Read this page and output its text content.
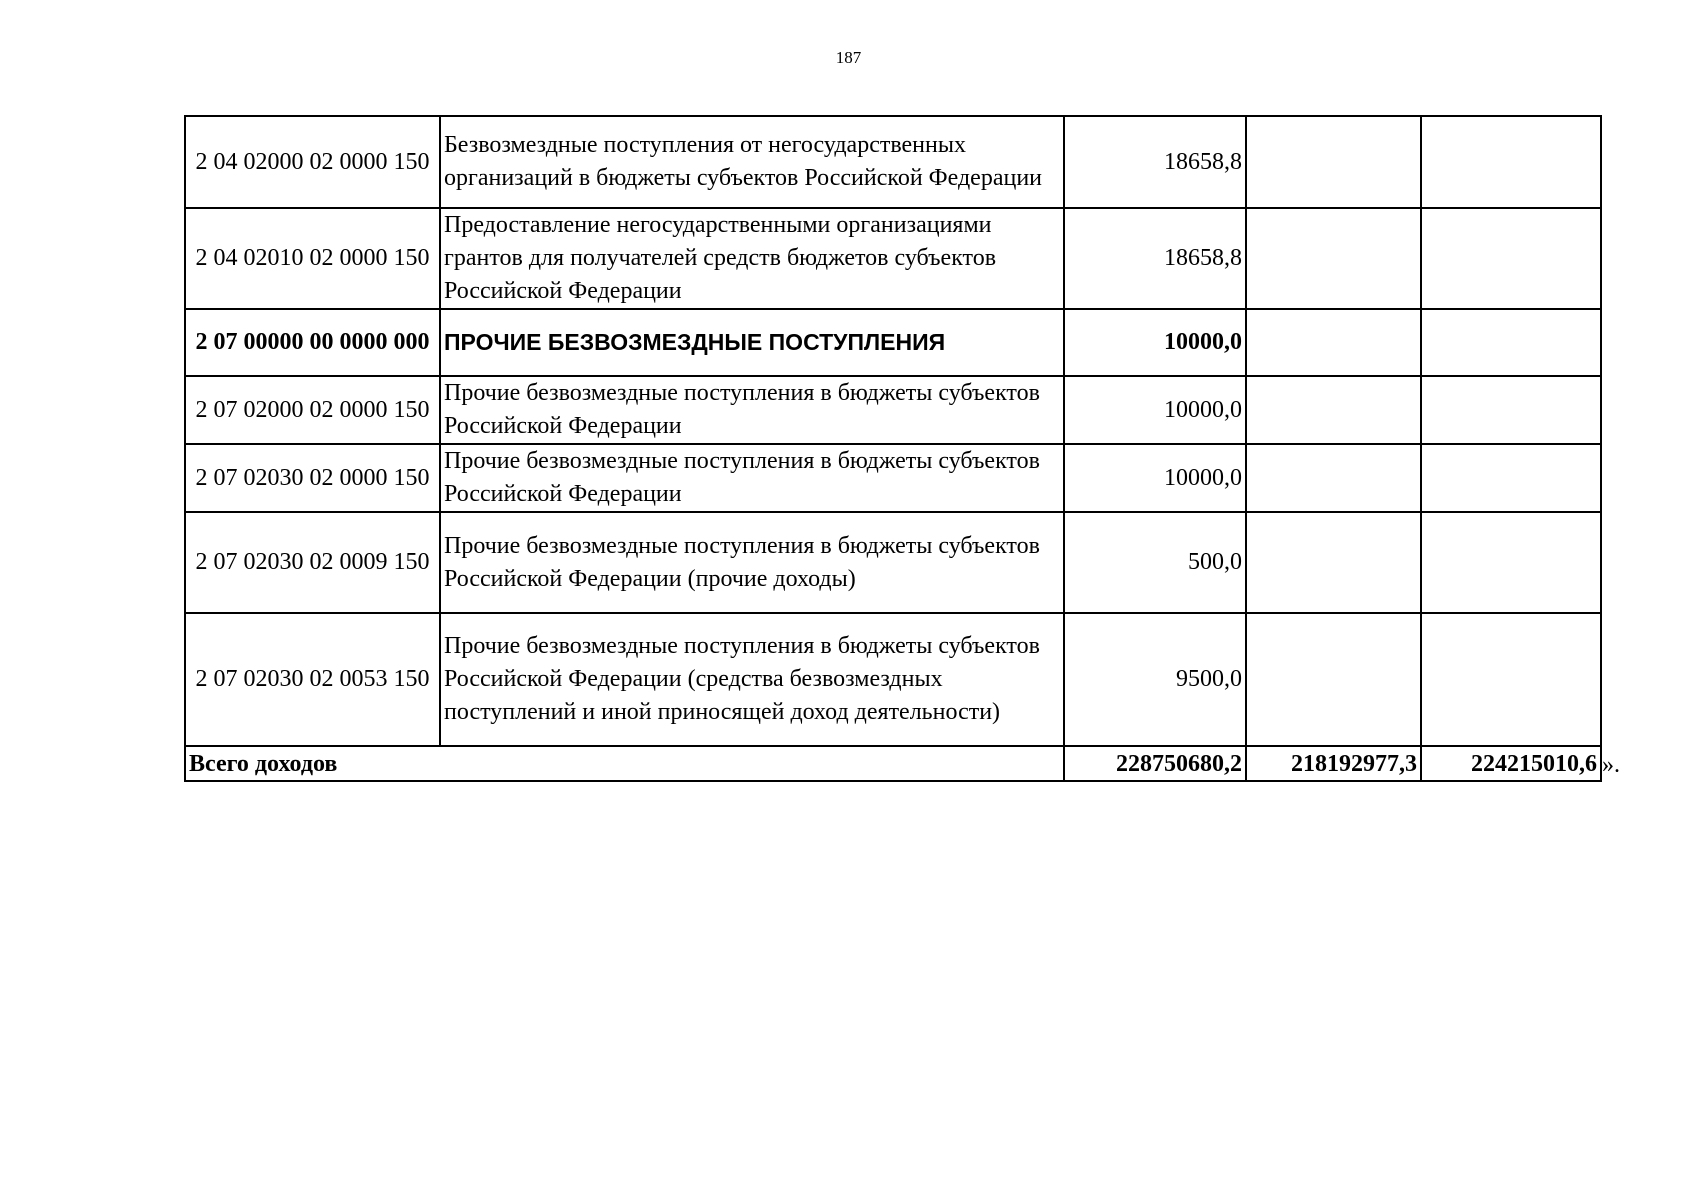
187
2 04 02000 02 0000 150	Безвозмездные поступления от негосударственных организаций в бюджеты субъектов Российской Федерации	18658,8		
2 04 02010 02 0000 150	Предоставление негосударственными организациями грантов для получателей средств бюджетов субъектов Российской Федерации	18658,8		
2 07 00000 00 0000 000	ПРОЧИЕ БЕЗВОЗМЕЗДНЫЕ ПОСТУПЛЕНИЯ	10000,0		
2 07 02000 02 0000 150	Прочие безвозмездные поступления в бюджеты субъектов Российской Федерации	10000,0		
2 07 02030 02 0000 150	Прочие безвозмездные поступления в бюджеты субъектов Российской Федерации	10000,0		
2 07 02030 02 0009 150	Прочие безвозмездные поступления в бюджеты субъектов Российской Федерации (прочие доходы)	500,0		
2 07 02030 02 0053 150	Прочие безвозмездные поступления в бюджеты субъектов Российской Федерации (средства безвозмездных поступлений и иной приносящей доход деятельности)	9500,0		
Всего доходов		228750680,2	218192977,3	224215010,6 ».
